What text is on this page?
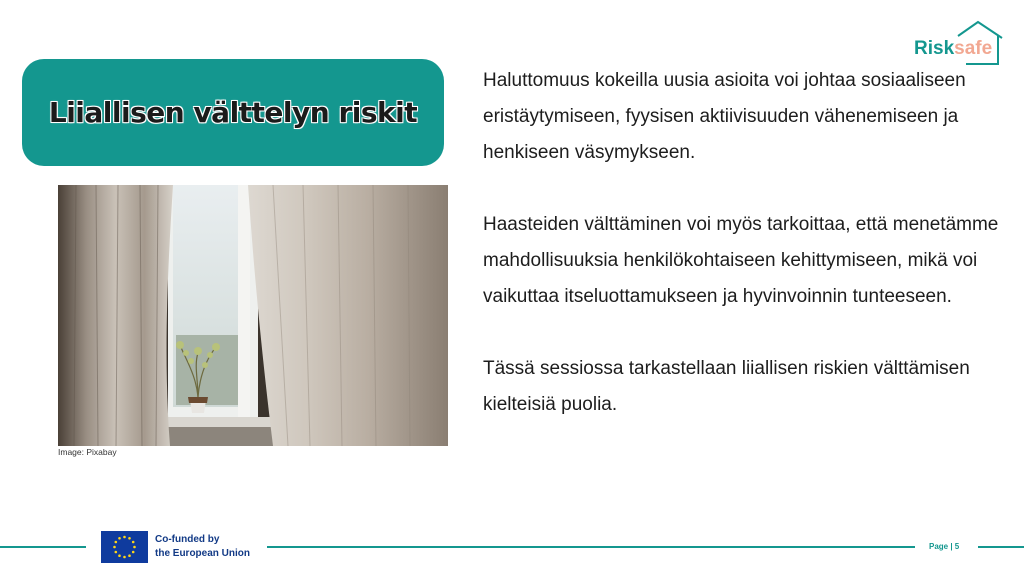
Risksafe
Liiallisen välttelyn riskit
Image: Pixabay

Haluttomuus kokeilla uusia asioita voi johtaa sosiaaliseen eristäytymiseen, fyysisen aktiivisuuden vähenemiseen ja henkiseen väsymykseen.

Haasteiden välttäminen voi myös tarkoittaa, että menetämme mahdollisuuksia henkilökohtaiseen kehittymiseen, mikä voi vaikuttaa itseluottamukseen ja hyvinvoinnin tunteeseen.

Tässä sessiossa tarkastellaan liiallisen riskien välttämisen kielteisiä puolia.

Co-funded by
the European Union
Page | 5
